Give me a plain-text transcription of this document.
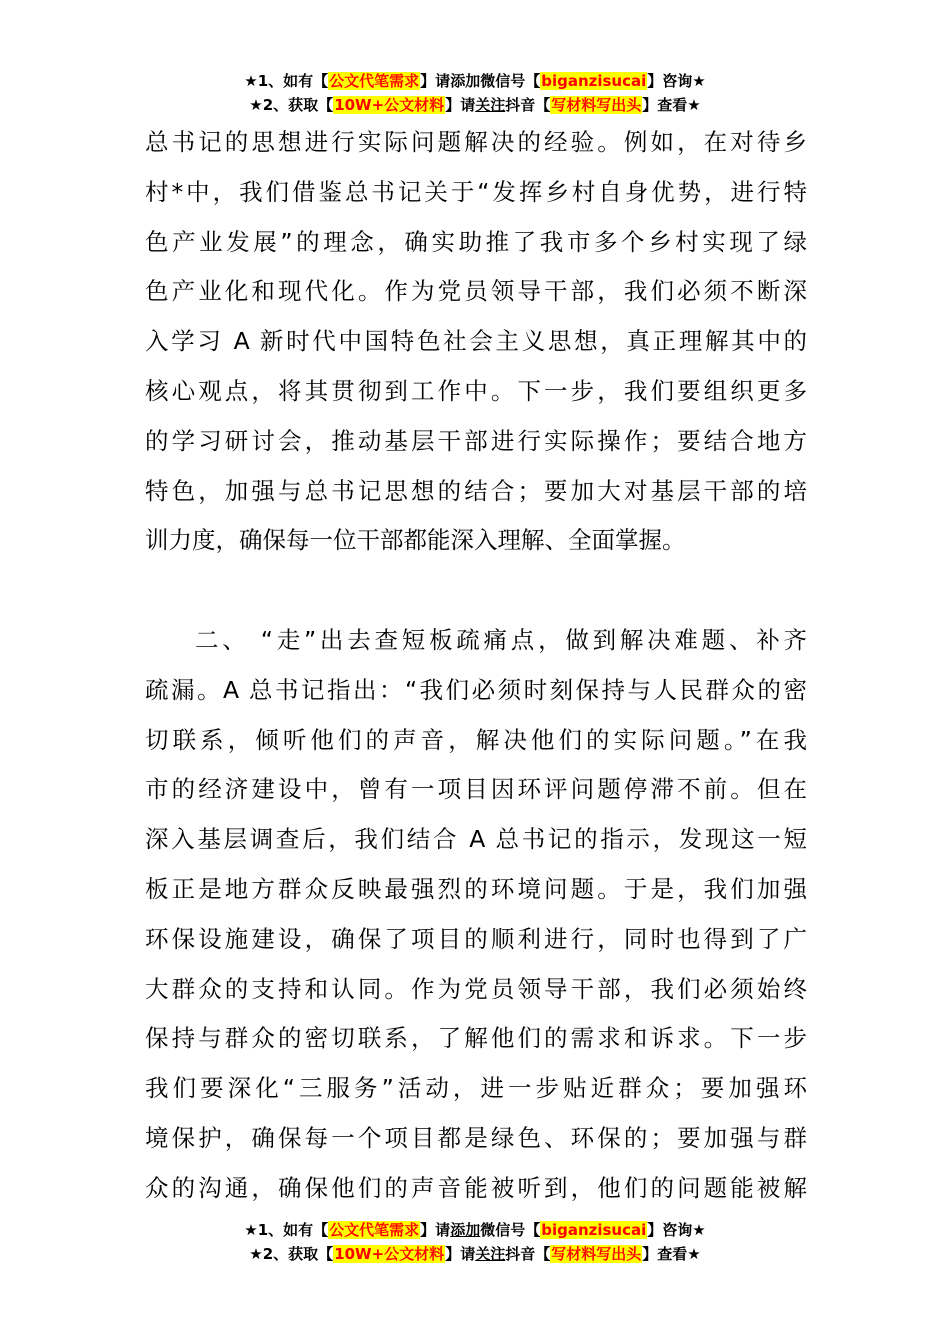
★1、如有【公文代笔需求】请添加微信号【biganzisucai】咨询★
★2、获取【10W+公文材料】请关注抖音【写材料写出头】查看★
总书记的思想进行实际问题解决的经验。例如，在对待乡
村*中，我们借鉴总书记关于“发挥乡村自身优势，进行特
色产业发展”的理念，确实助推了我市多个乡村实现了绿
色产业化和现代化。作为党员领导干部，我们必须不断深
入学习 A 新时代中国特色社会主义思想，真正理解其中的
核心观点，将其贯彻到工作中。下一步，我们要组织更多
的学习研讨会，推动基层干部进行实际操作；要结合地方
特色，加强与总书记思想的结合；要加大对基层干部的培
训力度，确保每一位干部都能深入理解、全面掌握。
二、 “走”出去查短板疏痛点，做到解决难题、补齐
疏漏。A 总书记指出：“我们必须时刻保持与人民群众的密
切联系，倾听他们的声音，解决他们的实际问题。”在我
市的经济建设中，曾有一项目因环评问题停滞不前。但在
深入基层调查后，我们结合 A 总书记的指示，发现这一短
板正是地方群众反映最强烈的环境问题。于是，我们加强
环保设施建设，确保了项目的顺利进行，同时也得到了广
大群众的支持和认同。作为党员领导干部，我们必须始终
保持与群众的密切联系，了解他们的需求和诉求。下一步
我们要深化“三服务”活动，进一步贴近群众；要加强环
境保护，确保每一个项目都是绿色、环保的；要加强与群
众的沟通，确保他们的声音能被听到，他们的问题能被解
★1、如有【公文代笔需求】请添加微信号【biganzisucai】咨询★
★2、获取【10W+公文材料】请关注抖音【写材料写出头】查看★
